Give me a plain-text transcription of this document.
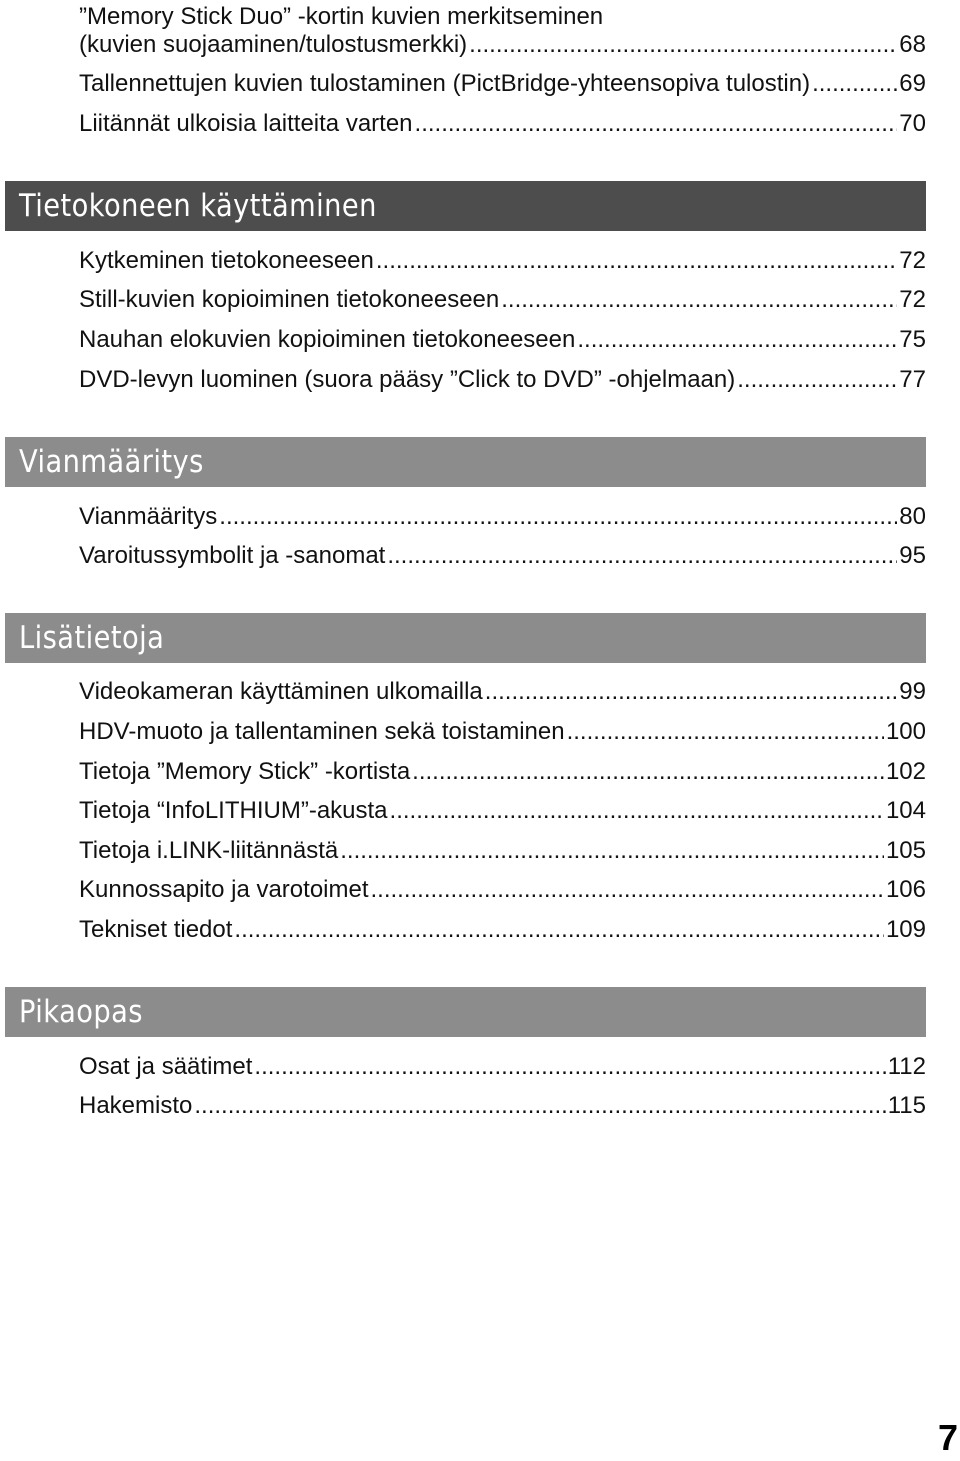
”Memory Stick Duo” -kortin kuvien merkitseminen
(kuvien suojaaminen/tulostusmerkki) .....	68
Tallennettujen kuvien tulostaminen (PictBridge-yhteensopiva tulostin) .....	69
Liitännät ulkoisia laitteita varten .....	70
Tietokoneen käyttäminen
Kytkeminen tietokoneeseen .....	72
Still-kuvien kopioiminen tietokoneeseen .....	72
Nauhan elokuvien kopioiminen tietokoneeseen .....	75
DVD-levyn luominen (suora pääsy ”Click to DVD” -ohjelmaan) .....	77
Vianmääritys
Vianmääritys .....	80
Varoitussymbolit ja -sanomat .....	95
Lisätietoja
Videokameran käyttäminen ulkomailla .....	99
HDV-muoto ja tallentaminen sekä toistaminen .....	100
Tietoja ”Memory Stick” -kortista .....	102
Tietoja “InfoLITHIUM”-akusta .....	104
Tietoja i.LINK-liitännästä .....	105
Kunnossapito ja varotoimet .....	106
Tekniset tiedot .....	109
Pikaopas
Osat ja säätimet .....	112
Hakemisto .....	115
7
